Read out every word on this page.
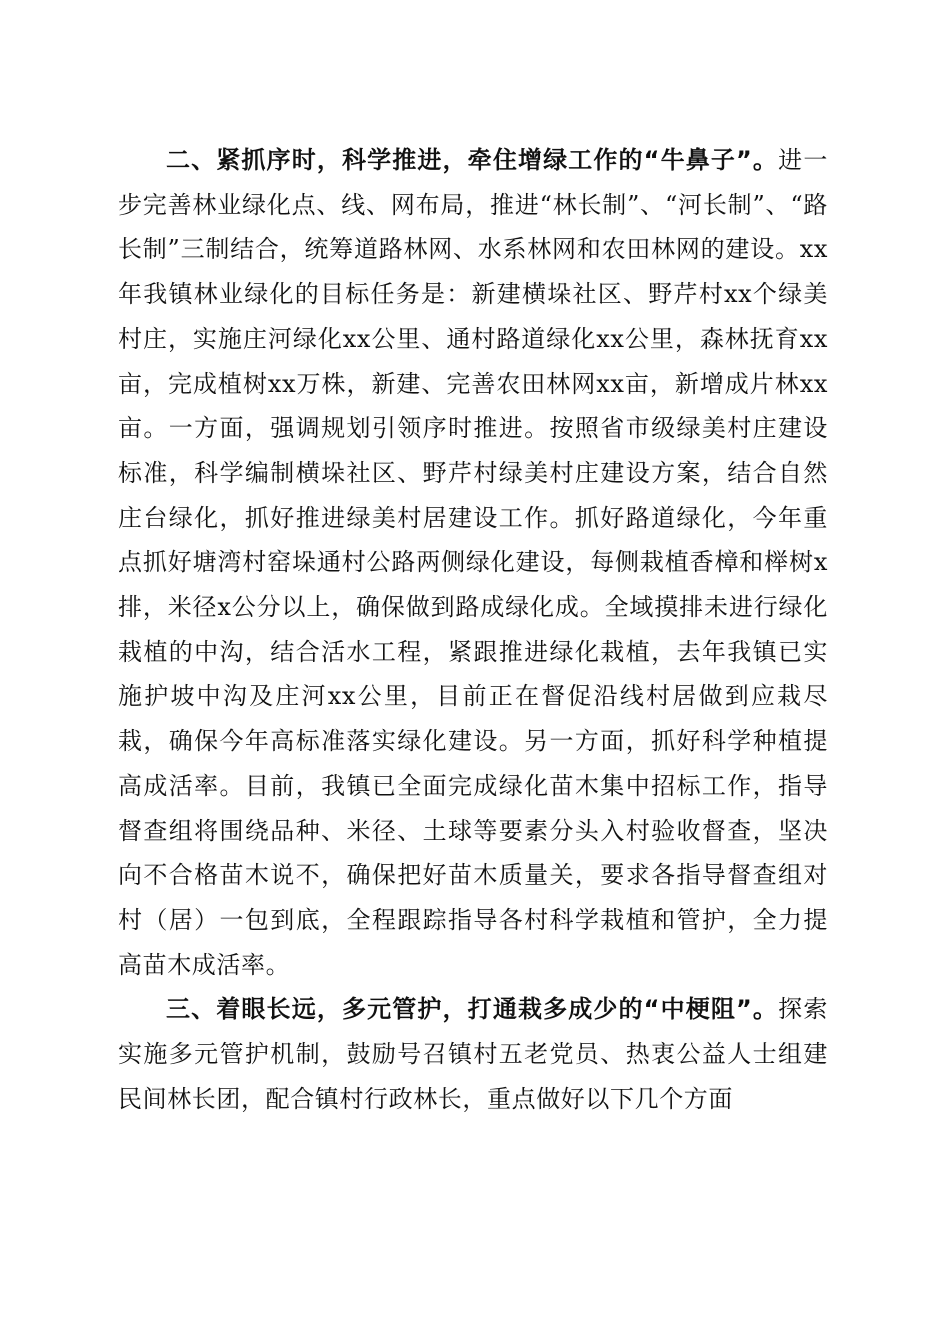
二、紧抓序时，科学推进，牵住增绿工作的“牛鼻子”。进一步完善林业绿化点、线、网布局，推进“林长制”、“河长制”、“路长制”三制结合，统筹道路林网、水系林网和农田林网的建设。xx年我镇林业绿化的目标任务是：新建横垛社区、野芹村xx个绿美村庄，实施庄河绿化xx公里、通村路道绿化xx公里，森林抚育xx亩，完成植树xx万株，新建、完善农田林网xx亩，新增成片林xx亩。一方面，强调规划引领序时推进。按照省市级绿美村庄建设标准，科学编制横垛社区、野芹村绿美村庄建设方案，结合自然庄台绿化，抓好推进绿美村居建设工作。抓好路道绿化，今年重点抓好塘湾村窑垛通村公路两侧绿化建设，每侧栽植香樟和榉树x排，米径x公分以上，确保做到路成绿化成。全域摸排未进行绿化栽植的中沟，结合活水工程，紧跟推进绿化栽植，去年我镇已实施护坡中沟及庄河xx公里，目前正在督促沿线村居做到应栽尽栽，确保今年高标准落实绿化建设。另一方面，抓好科学种植提高成活率。目前，我镇已全面完成绿化苗木集中招标工作，指导督查组将围绕品种、米径、土球等要素分头入村验收督查，坚决向不合格苗木说不，确保把好苗木质量关，要求各指导督查组对村（居）一包到底，全程跟踪指导各村科学栽植和管护，全力提高苗木成活率。

三、着眼长远，多元管护，打通栽多成少的“中梗阻”。探索实施多元管护机制，鼓励号召镇村五老党员、热衷公益人士组建民间林长团，配合镇村行政林长，重点做好以下几个方面
